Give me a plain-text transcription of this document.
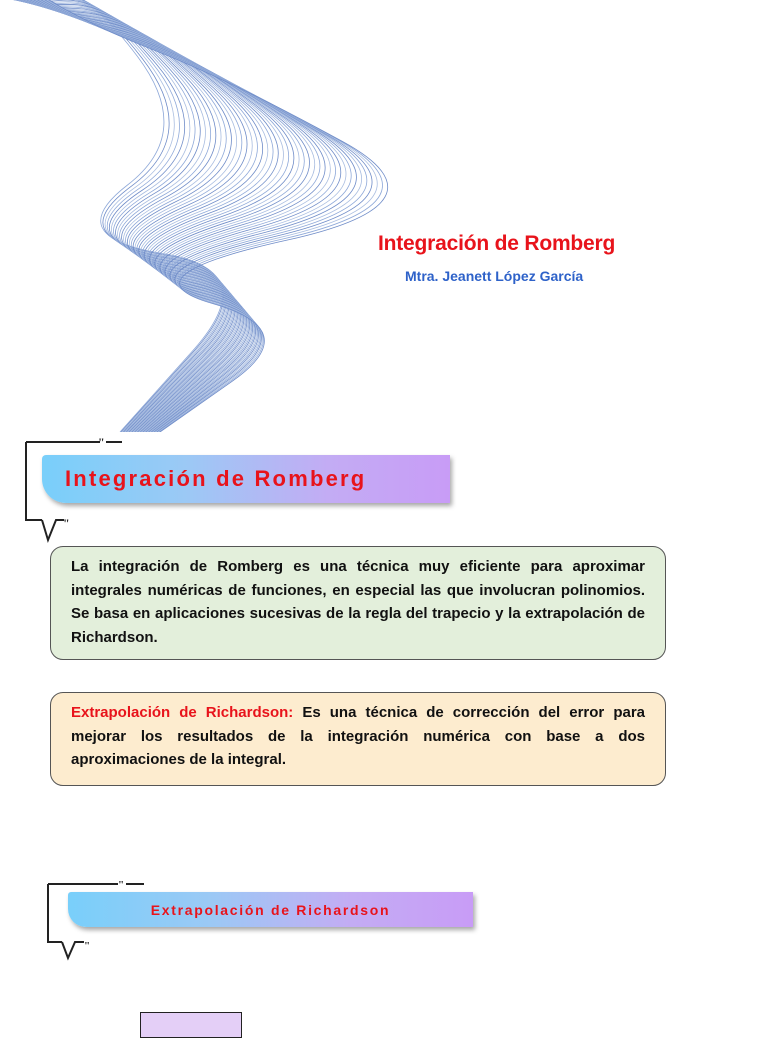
Integración de Romberg
Mtra. Jeanett López García
"
"
Integración de Romberg
La integración de Romberg es una técnica muy eficiente para aproximar integrales numéricas de funciones, en especial las que involucran polinomios. Se basa en aplicaciones sucesivas de la regla del trapecio y la extrapolación de Richardson.
Extrapolación de Richardson: Es una técnica de corrección del error para mejorar los resultados de la integración numérica con base a dos aproximaciones de la integral.
"
"
Extrapolación de Richardson
